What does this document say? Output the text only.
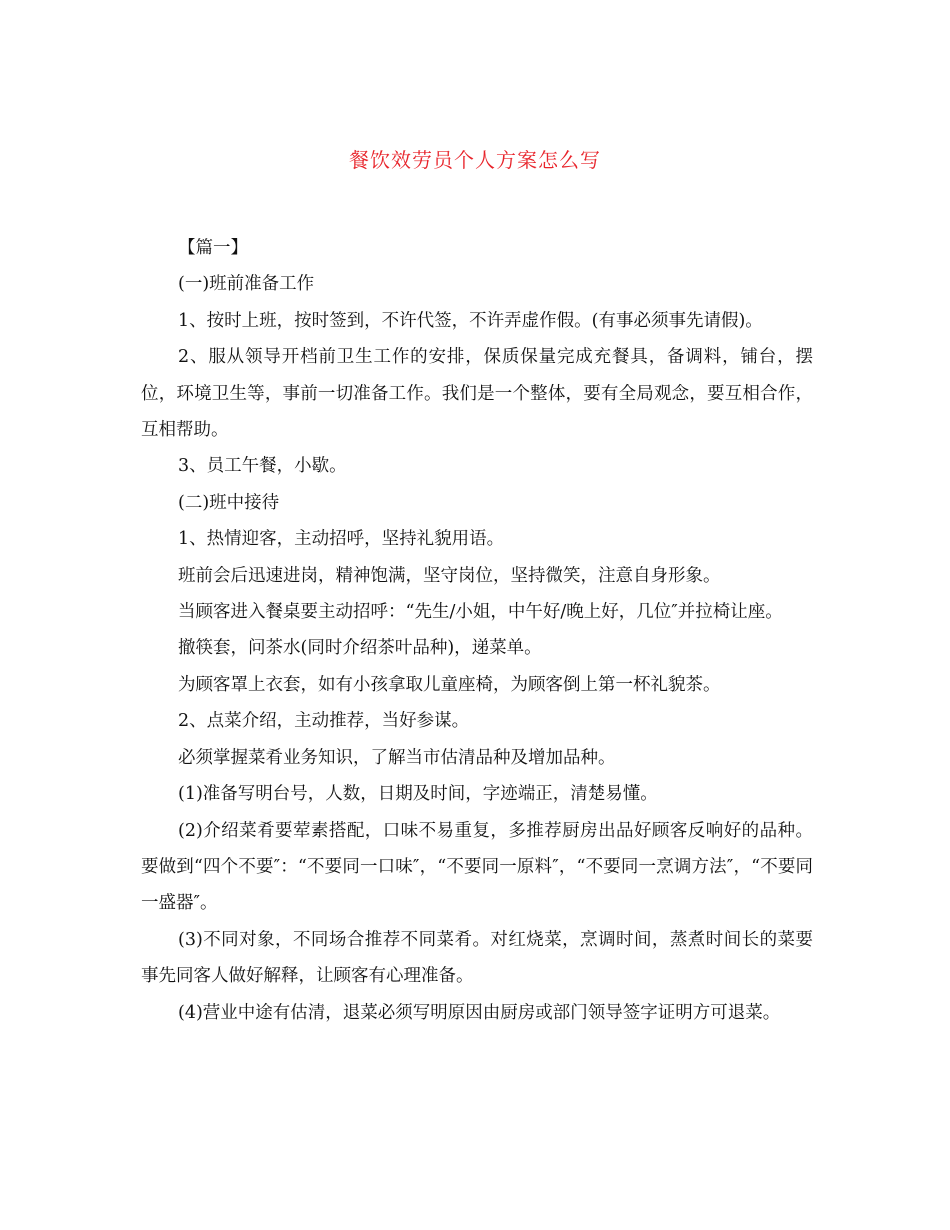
餐饮效劳员个人方案怎么写

【篇一】

(一)班前准备工作

1、按时上班，按时签到，不许代签，不许弄虚作假。(有事必须事先请假)。

2、服从领导开档前卫生工作的安排，保质保量完成充餐具，备调料，铺台，摆位，环境卫生等，事前一切准备工作。我们是一个整体，要有全局观念，要互相合作，互相帮助。

3、员工午餐，小歇。

(二)班中接待

1、热情迎客，主动招呼，坚持礼貌用语。

班前会后迅速进岗，精神饱满，坚守岗位，坚持微笑，注意自身形象。

当顾客进入餐桌要主动招呼：“先生/小姐，中午好/晚上好，几位″并拉椅让座。

撤筷套，问茶水(同时介绍茶叶品种)，递菜单。

为顾客罩上衣套，如有小孩拿取儿童座椅，为顾客倒上第一杯礼貌茶。

2、点菜介绍，主动推荐，当好参谋。

必须掌握菜肴业务知识，了解当市估清品种及增加品种。

(1)准备写明台号，人数，日期及时间，字迹端正，清楚易懂。

(2)介绍菜肴要荤素搭配，口味不易重复，多推荐厨房出品好顾客反响好的品种。要做到“四个不要″：“不要同一口味″，“不要同一原料″，“不要同一烹调方法″，“不要同一盛器″。

(3)不同对象，不同场合推荐不同菜肴。对红烧菜，烹调时间，蒸煮时间长的菜要事先同客人做好解释，让顾客有心理准备。

(4)营业中途有估清，退菜必须写明原因由厨房或部门领导签字证明方可退菜。
